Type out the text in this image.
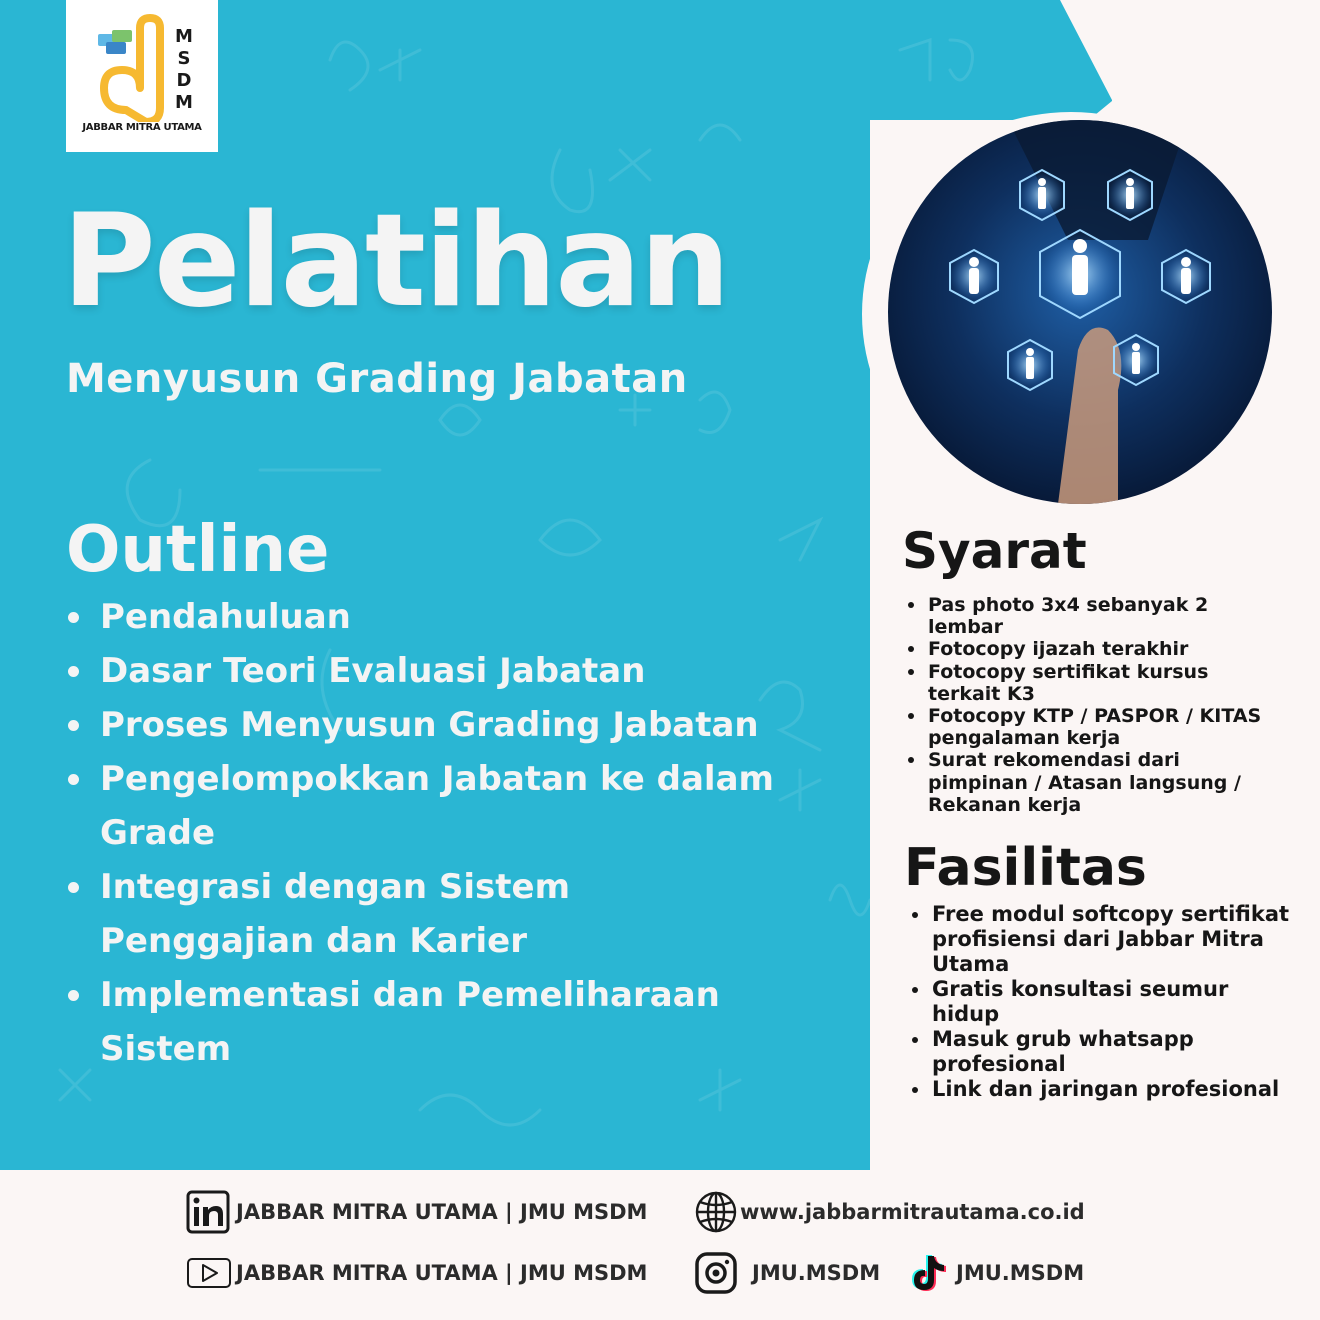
M
S
D
M
JABBAR MITRA UTAMA
Pelatihan
Menyusun Grading Jabatan
Outline
Pendahuluan
Dasar Teori Evaluasi Jabatan
Proses Menyusun Grading Jabatan
Pengelompokkan Jabatan ke dalam Grade
Integrasi dengan Sistem Penggajian dan Karier
Implementasi dan Pemeliharaan Sistem
Syarat
Pas photo 3x4 sebanyak 2 lembar
Fotocopy ijazah terakhir
Fotocopy sertifikat kursus terkait K3
Fotocopy KTP / PASPOR / KITAS pengalaman kerja
Surat rekomendasi dari pimpinan / Atasan langsung / Rekanan kerja
Fasilitas
Free modul softcopy sertifikat profisiensi dari Jabbar Mitra Utama
Gratis konsultasi seumur hidup
Masuk grub whatsapp profesional
Link dan jaringan profesional
JABBAR MITRA UTAMA | JMU MSDM	www.jabbarmitrautama.co.id
JABBAR MITRA UTAMA | JMU MSDM	JMU.MSDM	JMU.MSDM
